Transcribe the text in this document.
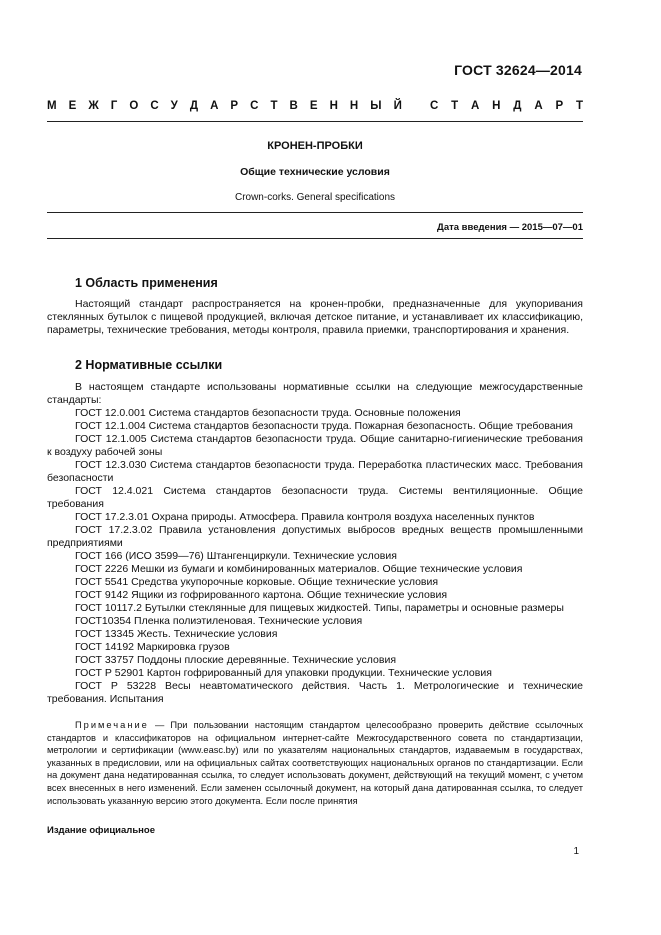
ГОСТ 32624—2014
М Е Ж Г О С У Д А Р С Т В Е Н Н Ы Й С Т А Н Д А Р Т
КРОНЕН-ПРОБКИ
Общие технические условия
Crown-corks. General specifications
Дата введения — 2015—07—01
1 Область применения

Настоящий стандарт распространяется на кронен-пробки, предназначенные для укупоривания стеклянных бутылок с пищевой продукцией, включая детское питание, и устанавливает их классификацию, параметры, технические требования, методы контроля, правила приемки, транспортирования и хранения.

2 Нормативные ссылки

В настоящем стандарте использованы нормативные ссылки на следующие межгосударственные стандарты:

ГОСТ 12.0.001 Система стандартов безопасности труда. Основные положения

ГОСТ 12.1.004 Система стандартов безопасности труда. Пожарная безопасность. Общие требования

ГОСТ 12.1.005 Система стандартов безопасности труда. Общие санитарно-гигиенические требования к воздуху рабочей зоны

ГОСТ 12.3.030 Система стандартов безопасности труда. Переработка пластических масс. Требования безопасности

ГОСТ 12.4.021 Система стандартов безопасности труда. Системы вентиляционные. Общие требования

ГОСТ 17.2.3.01 Охрана природы. Атмосфера. Правила контроля воздуха населенных пунктов

ГОСТ 17.2.3.02 Правила установления допустимых выбросов вредных веществ промышленными предприятиями

ГОСТ 166 (ИСО 3599—76) Штангенциркули. Технические условия

ГОСТ 2226 Мешки из бумаги и комбинированных материалов. Общие технические условия

ГОСТ 5541 Средства укупорочные корковые. Общие технические условия

ГОСТ 9142 Ящики из гофрированного картона. Общие технические условия

ГОСТ 10117.2 Бутылки стеклянные для пищевых жидкостей. Типы, параметры и основные размеры

ГОСТ10354 Пленка полиэтиленовая. Технические условия

ГОСТ 13345 Жесть. Технические условия

ГОСТ 14192 Маркировка грузов

ГОСТ 33757 Поддоны плоские деревянные. Технические условия

ГОСТ Р 52901 Картон гофрированный для упаковки продукции. Технические условия

ГОСТ Р 53228 Весы неавтоматического действия. Часть 1. Метрологические и технические требования. Испытания

Примечание — При пользовании настоящим стандартом целесообразно проверить действие ссылочных стандартов и классификаторов на официальном интернет-сайте Межгосударственного совета по стандартизации, метрологии и сертификации (www.easc.by) или по указателям национальных стандартов, издаваемым в государствах, указанных в предисловии, или на официальных сайтах соответствующих национальных органов по стандартизации. Если на документ дана недатированная ссылка, то следует использовать документ, действующий на текущий момент, с учетом всех внесенных в него изменений. Если заменен ссылочный документ, на который дана датированная ссылка, то следует использовать указанную версию этого документа. Если после принятия

Издание официальное
1
